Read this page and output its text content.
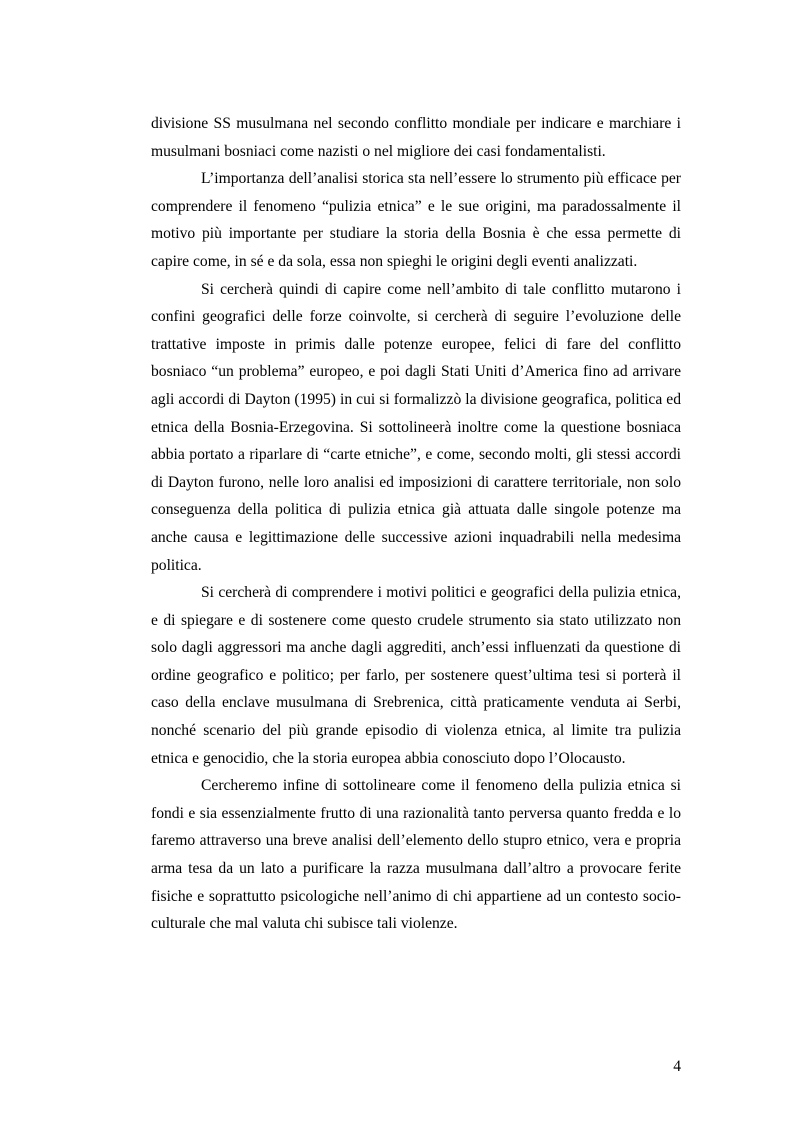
divisione SS musulmana nel secondo conflitto mondiale per indicare e marchiare i musulmani bosniaci come nazisti o nel migliore dei casi fondamentalisti.

L’importanza dell’analisi storica sta nell’essere lo strumento più efficace per comprendere il fenomeno “pulizia etnica” e le sue origini, ma paradossalmente il motivo più importante per studiare la storia della Bosnia è che essa permette di capire come, in sé e da sola, essa non spieghi le origini degli eventi analizzati.

Si cercherà quindi di capire come nell’ambito di tale conflitto mutarono i confini geografici delle forze coinvolte, si cercherà di seguire l’evoluzione delle trattative imposte in primis dalle potenze europee, felici di fare del conflitto bosniaco “un problema” europeo, e poi dagli Stati Uniti d’America fino ad arrivare agli accordi di Dayton (1995) in cui si formalizzò la divisione geografica, politica ed etnica della Bosnia-Erzegovina. Si sottolineerà inoltre come la questione bosniaca abbia portato a riparlare di “carte etniche”, e come, secondo molti, gli stessi accordi di Dayton furono, nelle loro analisi ed imposizioni di carattere territoriale, non solo conseguenza della politica di pulizia etnica già attuata dalle singole potenze ma anche causa e legittimazione delle successive azioni inquadrabili nella medesima politica.

Si cercherà di comprendere i motivi politici e geografici della pulizia etnica, e di spiegare e di sostenere come questo crudele strumento sia stato utilizzato non solo dagli aggressori ma anche dagli aggrediti, anch’essi influenzati da questione di ordine geografico e politico; per farlo, per sostenere quest’ultima tesi si porterà il caso della enclave musulmana di Srebrenica, città praticamente venduta ai Serbi, nonché scenario del più grande episodio di violenza etnica, al limite tra pulizia etnica e genocidio, che la storia europea abbia conosciuto dopo l’Olocausto.

Cercheremo infine di sottolineare come il fenomeno della pulizia etnica si fondi e sia essenzialmente frutto di una razionalità tanto perversa quanto fredda e lo faremo attraverso una breve analisi dell’elemento dello stupro etnico, vera e propria arma tesa da un lato a purificare la razza musulmana dall’altro a provocare ferite fisiche e soprattutto psicologiche nell’animo di chi appartiene ad un contesto socio-culturale che mal valuta chi subisce tali violenze.

4
